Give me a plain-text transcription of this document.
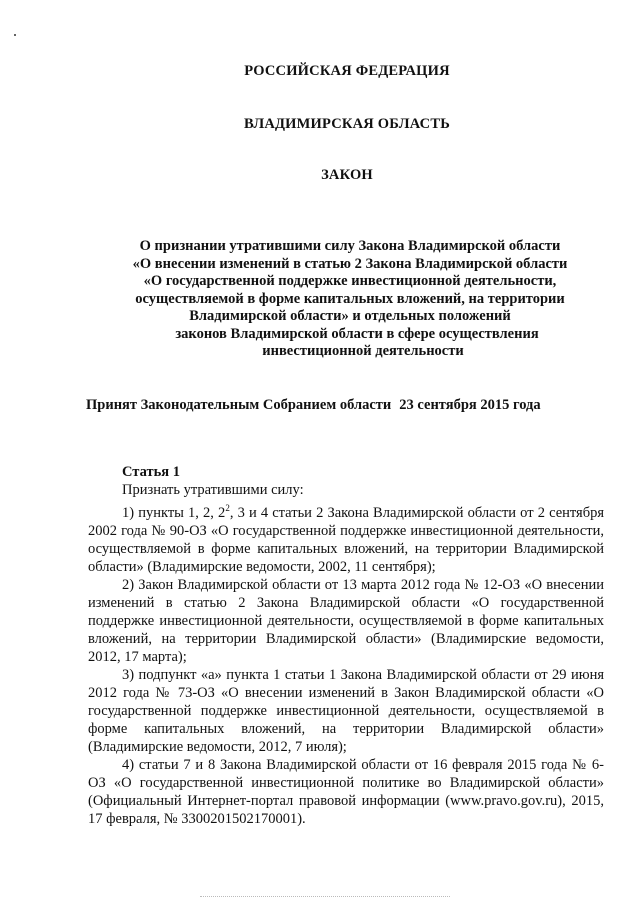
РОССИЙСКАЯ ФЕДЕРАЦИЯ
ВЛАДИМИРСКАЯ ОБЛАСТЬ
ЗАКОН
О признании утратившими силу Закона Владимирской области
«О внесении изменений в статью 2 Закона Владимирской области
«О государственной поддержке инвестиционной деятельности,
осуществляемой в форме капитальных вложений, на территории
Владимирской области» и отдельных положений
законов Владимирской области в сфере осуществления
инвестиционной деятельности
Принят Законодательным Собранием области 23 сентября 2015 года

Статья 1

Признать утратившими силу:

1) пункты 1, 2, $2^2$, 3 и 4 статьи 2 Закона Владимирской области от 2 сентября 2002 года № 90-ОЗ «О государственной поддержке инвестиционной деятельности, осуществляемой в форме капитальных вложений, на территории Владимирской области» (Владимирские ведомости, 2002, 11 сентября);

2) Закон Владимирской области от 13 марта 2012 года № 12-ОЗ «О внесении изменений в статью 2 Закона Владимирской области «О государственной поддержке инвестиционной деятельности, осуществляемой в форме капитальных вложений, на территории Владимирской области» (Владимирские ведомости, 2012, 17 марта);

3) подпункт «а» пункта 1 статьи 1 Закона Владимирской области от 29 июня 2012 года № 73-ОЗ «О внесении изменений в Закон Владимирской области «О государственной поддержке инвестиционной деятельности, осуществляемой в форме капитальных вложений, на территории Владимирской области» (Владимирские ведомости, 2012, 7 июля);

4) статьи 7 и 8 Закона Владимирской области от 16 февраля 2015 года № 6-ОЗ «О государственной инвестиционной политике во Владимирской области» (Официальный Интернет-портал правовой информации (www.pravo.gov.ru), 2015, 17 февраля, № 3300201502170001).
